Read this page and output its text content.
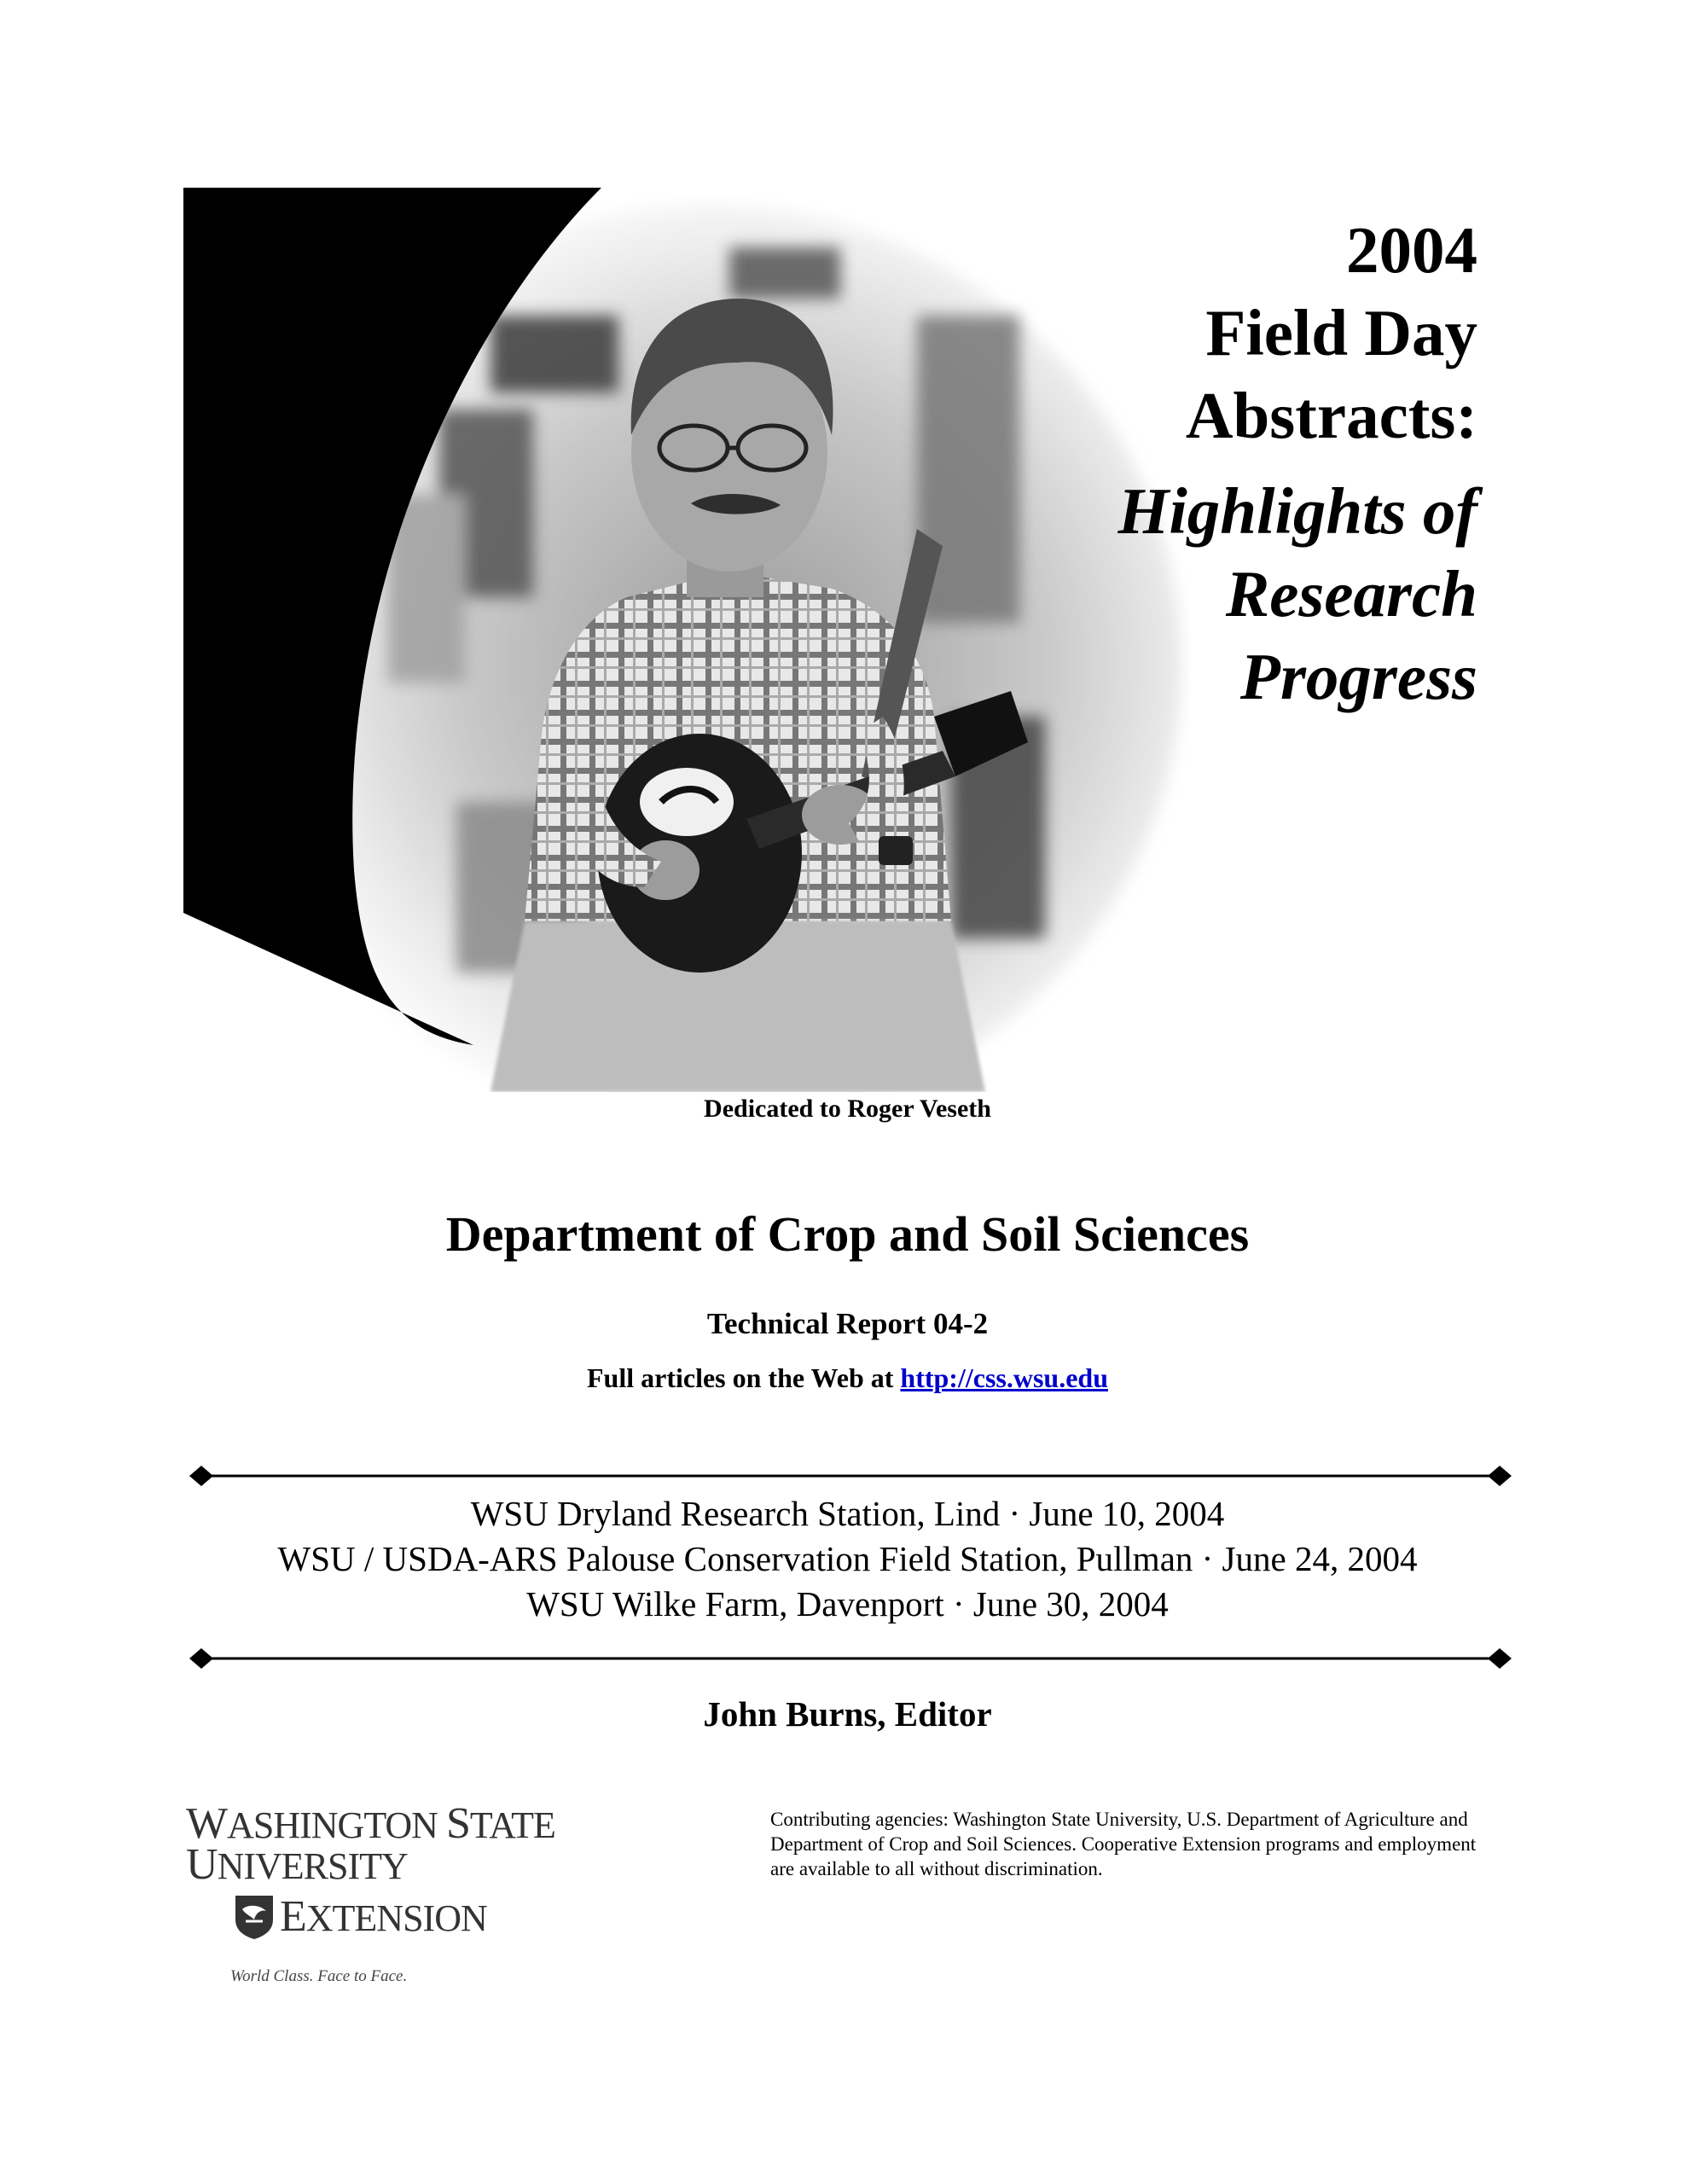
2004
Field Day
Abstracts:
Highlights of
Research
Progress
Dedicated to Roger Veseth
Department of Crop and Soil Sciences
Technical Report 04-2
Full articles on the Web at http://css.wsu.edu
WSU Dryland Research Station, Lind · June 10, 2004
WSU / USDA-ARS Palouse Conservation Field Station, Pullman · June 24, 2004
WSU Wilke Farm, Davenport · June 30, 2004
John Burns, Editor
WASHINGTON STATE UNIVERSITY
EXTENSION
World Class. Face to Face.
Contributing agencies: Washington State University, U.S. Department of Agriculture and Department of Crop and Soil Sciences. Cooperative Extension programs and employment are available to all without discrimination.
